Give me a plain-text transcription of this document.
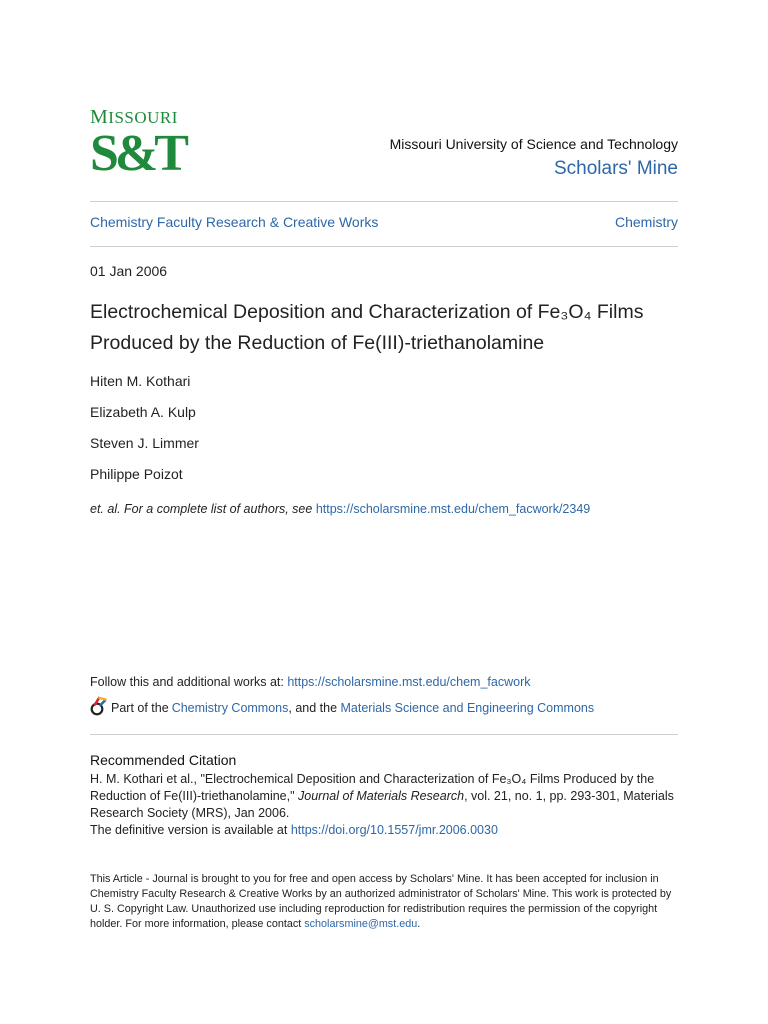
MISSOURI
S&T	Missouri University of Science and Technology
Scholars' Mine
Chemistry Faculty Research & Creative Works	Chemistry
01 Jan 2006
Electrochemical Deposition and Characterization of Fe₃O₄ Films
Produced by the Reduction of Fe(III)-triethanolamine
Hiten M. Kothari
Elizabeth A. Kulp
Steven J. Limmer
Philippe Poizot
et. al. For a complete list of authors, see https://scholarsmine.mst.edu/chem_facwork/2349
Follow this and additional works at: https://scholarsmine.mst.edu/chem_facwork
Part of the Chemistry Commons , and the Materials Science and Engineering Commons
Recommended Citation
H. M. Kothari et al., "Electrochemical Deposition and Characterization of Fe₃O₄ Films Produced by the Reduction of Fe(III)-triethanolamine," Journal of Materials Research, vol. 21, no. 1, pp. 293-301, Materials Research Society (MRS), Jan 2006.
The definitive version is available at https://doi.org/10.1557/jmr.2006.0030
This Article - Journal is brought to you for free and open access by Scholars' Mine. It has been accepted for inclusion in Chemistry Faculty Research & Creative Works by an authorized administrator of Scholars' Mine. This work is protected by U. S. Copyright Law. Unauthorized use including reproduction for redistribution requires the permission of the copyright holder. For more information, please contact scholarsmine@mst.edu.
